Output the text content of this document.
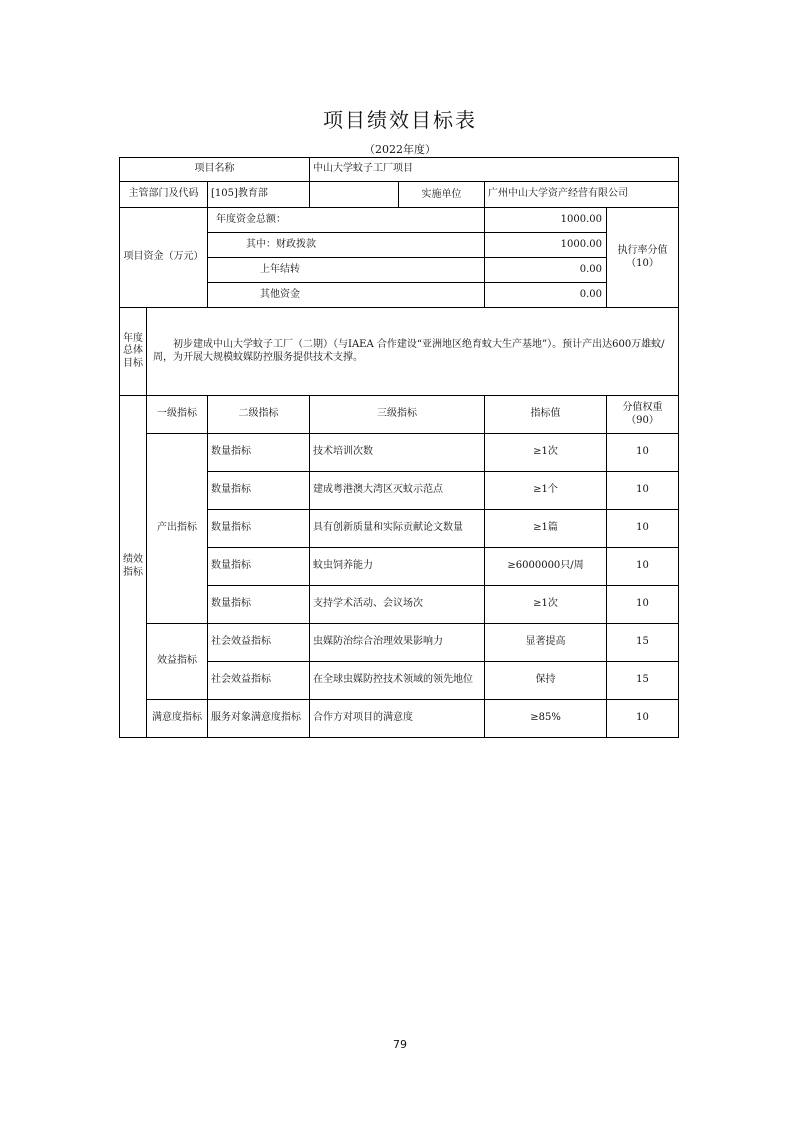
项目绩效目标表
（2022年度）
项目名称			中山大学蚊子工厂项目		
主管部门及代码		[105]教育部	实施单位	广州中山大学资产经营有限公司	
项目资金（万元）		年度资金总额：		1000.00	执行率分值
（10）

		其中：财政拨款		1000.00	
		上年结转		0.00	
		其他资金		0.00	
年度总体目标	初步建成中山大学蚊子工厂（二期）（与IAEA 合作建设“亚洲地区绝育蚊大生产基地”）。预计产出达600万雄蚊/周，为开展大规模蚊媒防控服务提供技术支撑。				
绩效指标	一级指标	二级指标	三级指标	指标值	分值权重（90）
	产出指标	数量指标	技术培训次数	≥1次	10
		数量指标	建成粤港澳大湾区灭蚊示范点	≥1个	10
		数量指标	具有创新质量和实际贡献论文数量	≥1篇	10
		数量指标	蚊虫饲养能力	≥6000000只/周	10
		数量指标	支持学术活动、会议场次	≥1次	10
	效益指标	社会效益指标	虫媒防治综合治理效果影响力	显著提高	15
		社会效益指标	在全球虫媒防控技术领域的领先地位	保持	15
	满意度指标	服务对象满意度指标	合作方对项目的满意度	≥85%	10
79
